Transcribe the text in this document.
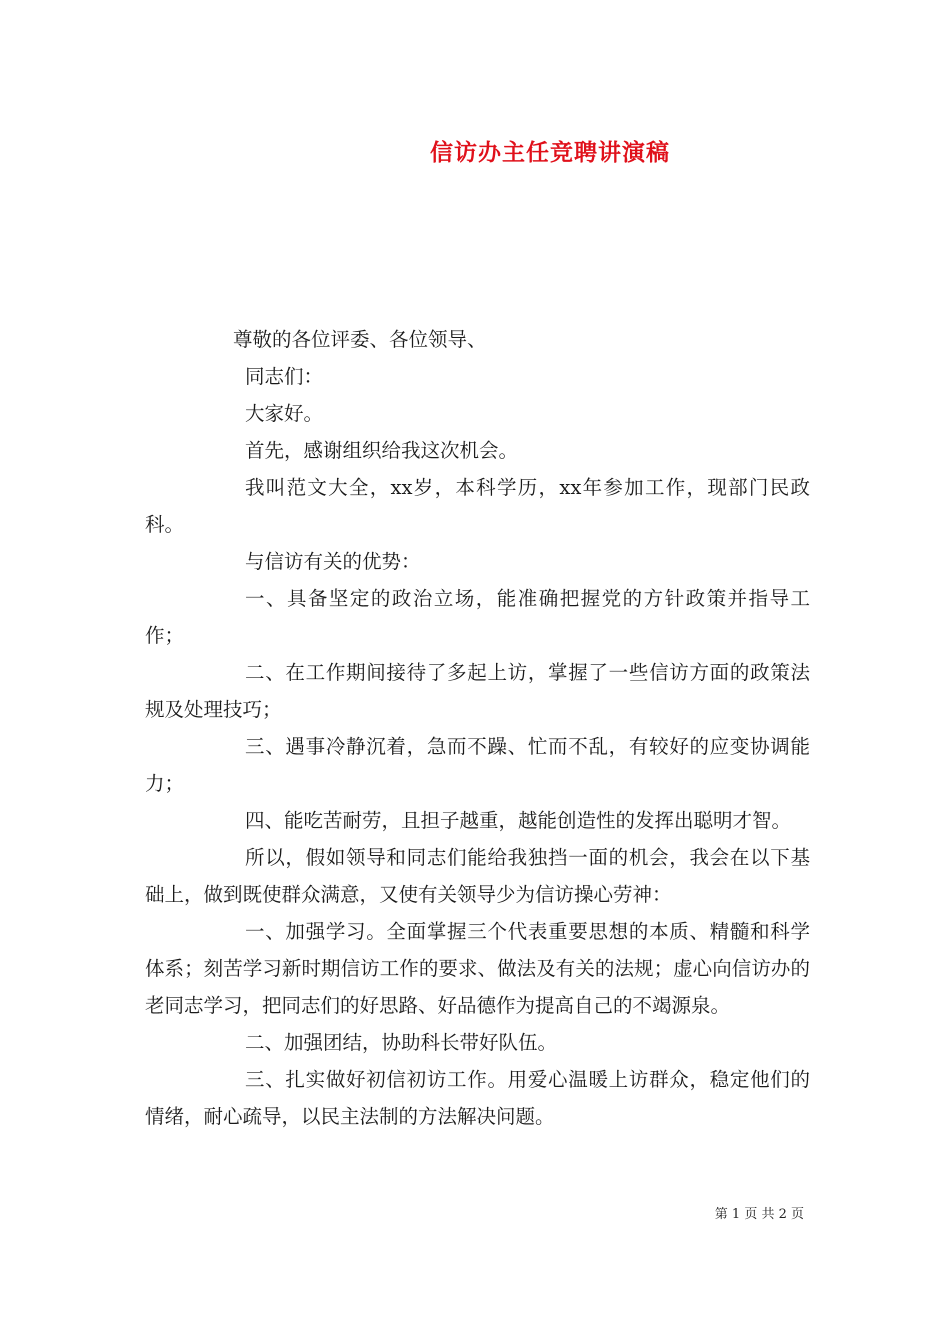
信访办主任竞聘讲演稿

尊敬的各位评委、各位领导、

同志们：

大家好。

首先，感谢组织给我这次机会。

我叫范文大全，xx岁，本科学历，xx年参加工作，现部门民政科。

与信访有关的优势：

一、具备坚定的政治立场，能准确把握党的方针政策并指导工作；

二、在工作期间接待了多起上访，掌握了一些信访方面的政策法规及处理技巧；

三、遇事冷静沉着，急而不躁、忙而不乱，有较好的应变协调能力；

四、能吃苦耐劳，且担子越重，越能创造性的发挥出聪明才智。

所以，假如领导和同志们能给我独挡一面的机会，我会在以下基础上，做到既使群众满意，又使有关领导少为信访操心劳神：

一、加强学习。全面掌握三个代表重要思想的本质、精髓和科学体系；刻苦学习新时期信访工作的要求、做法及有关的法规；虚心向信访办的老同志学习，把同志们的好思路、好品德作为提高自己的不竭源泉。

二、加强团结，协助科长带好队伍。

三、扎实做好初信初访工作。用爱心温暖上访群众，稳定他们的情绪，耐心疏导，以民主法制的方法解决问题。

第 1 页 共 2 页
